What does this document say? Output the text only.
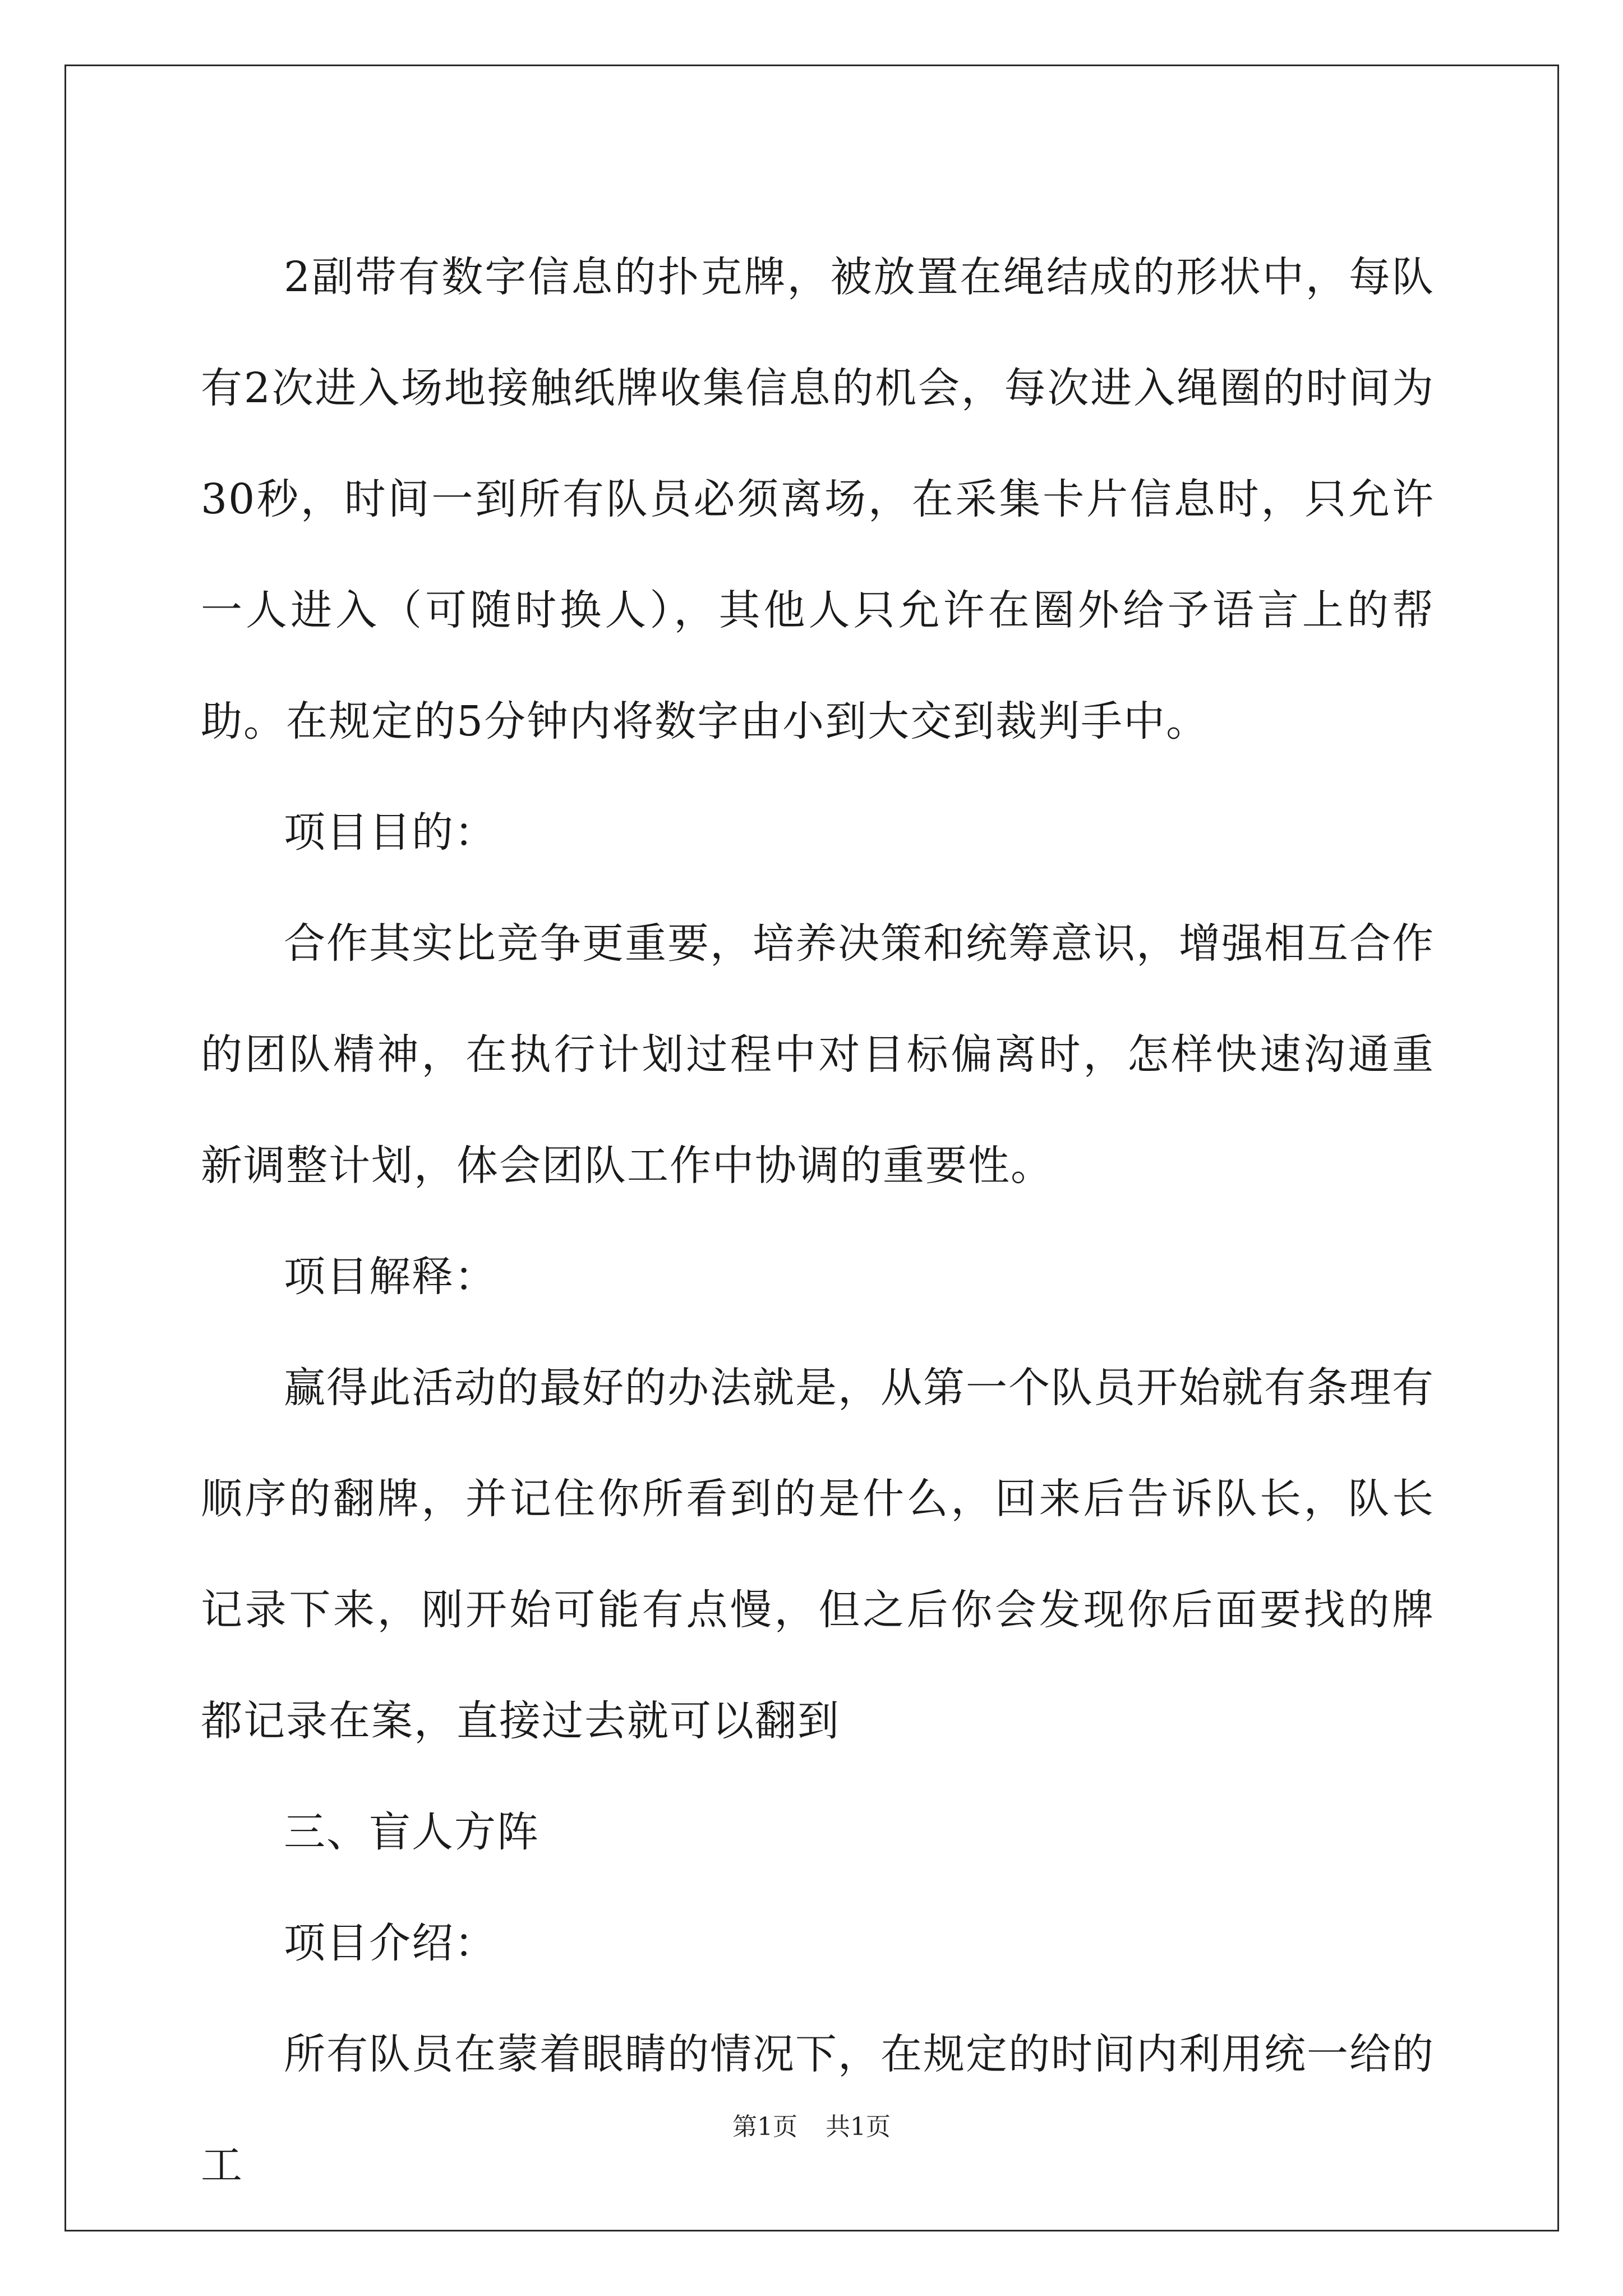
2副带有数字信息的扑克牌，被放置在绳结成的形状中，每队有2次进入场地接触纸牌收集信息的机会，每次进入绳圈的时间为30秒，时间一到所有队员必须离场，在采集卡片信息时，只允许一人进入（可随时换人），其他人只允许在圈外给予语言上的帮助。在规定的5分钟内将数字由小到大交到裁判手中。

项目目的：

合作其实比竞争更重要，培养决策和统筹意识，增强相互合作的团队精神，在执行计划过程中对目标偏离时，怎样快速沟通重新调整计划，体会团队工作中协调的重要性。

项目解释：

赢得此活动的最好的办法就是，从第一个队员开始就有条理有顺序的翻牌，并记住你所看到的是什么，回来后告诉队长，队长记录下来，刚开始可能有点慢，但之后你会发现你后面要找的牌都记录在案，直接过去就可以翻到

三、盲人方阵

项目介绍：

所有队员在蒙着眼睛的情况下，在规定的时间内利用统一给的工

第1页 共1页
